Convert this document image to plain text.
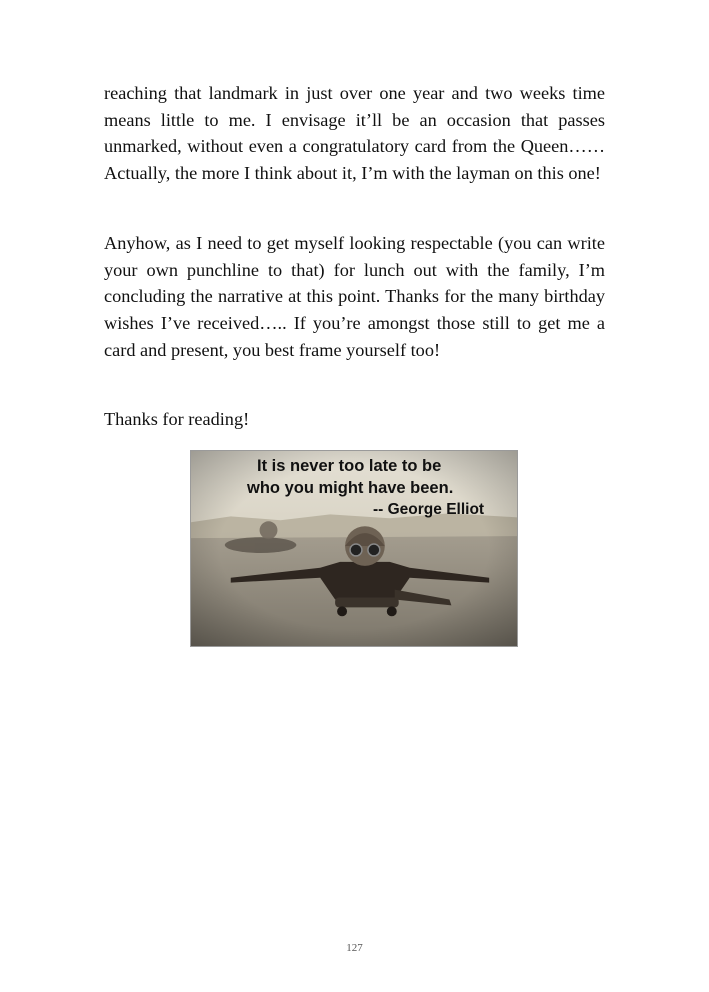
reaching that landmark in just over one year and two weeks time means little to me. I envisage it’ll be an occasion that passes unmarked, without even a congratulatory card from the Queen…… Actually, the more I think about it, I’m with the layman on this one!

Anyhow, as I need to get myself looking respectable (you can write your own punchline to that) for lunch out with the family, I’m concluding the narrative at this point. Thanks for the many birthday wishes I’ve received….. If you’re amongst those still to get me a card and present, you best frame yourself too!

Thanks for reading!

It is never too late to be

who you might have been.

-- George Elliot

127
